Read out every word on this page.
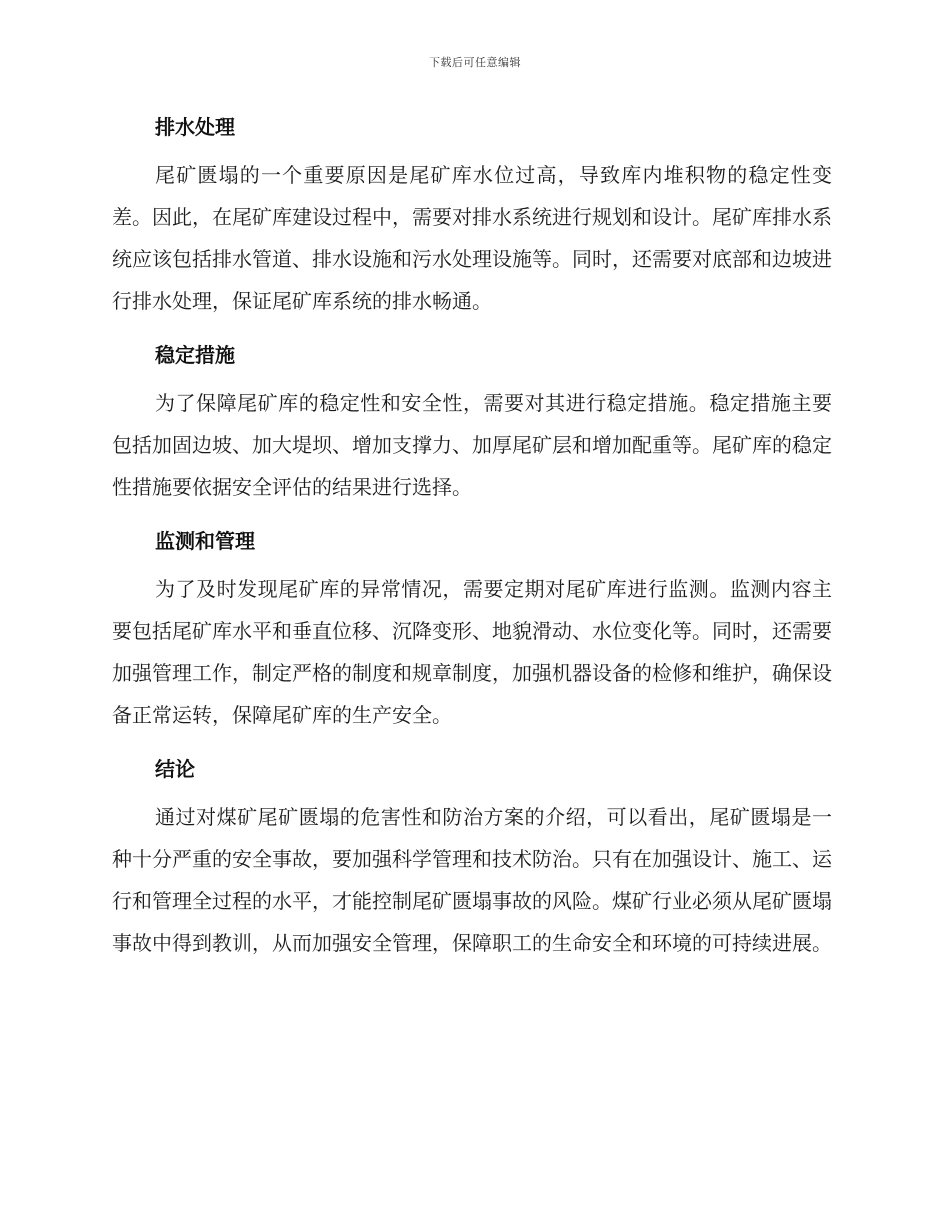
下载后可任意编辑
排水处理

尾矿匮塌的一个重要原因是尾矿库水位过高，导致库内堆积物的稳定性变差。因此，在尾矿库建设过程中，需要对排水系统进行规划和设计。尾矿库排水系统应该包括排水管道、排水设施和污水处理设施等。同时，还需要对底部和边坡进行排水处理，保证尾矿库系统的排水畅通。

稳定措施

为了保障尾矿库的稳定性和安全性，需要对其进行稳定措施。稳定措施主要包括加固边坡、加大堤坝、增加支撑力、加厚尾矿层和增加配重等。尾矿库的稳定性措施要依据安全评估的结果进行选择。

监测和管理

为了及时发现尾矿库的异常情况，需要定期对尾矿库进行监测。监测内容主要包括尾矿库水平和垂直位移、沉降变形、地貌滑动、水位变化等。同时，还需要加强管理工作，制定严格的制度和规章制度，加强机器设备的检修和维护，确保设备正常运转，保障尾矿库的生产安全。

结论

通过对煤矿尾矿匮塌的危害性和防治方案的介绍，可以看出，尾矿匮塌是一种十分严重的安全事故，要加强科学管理和技术防治。只有在加强设计、施工、运行和管理全过程的水平，才能控制尾矿匮塌事故的风险。煤矿行业必须从尾矿匮塌事故中得到教训，从而加强安全管理，保障职工的生命安全和环境的可持续进展。
